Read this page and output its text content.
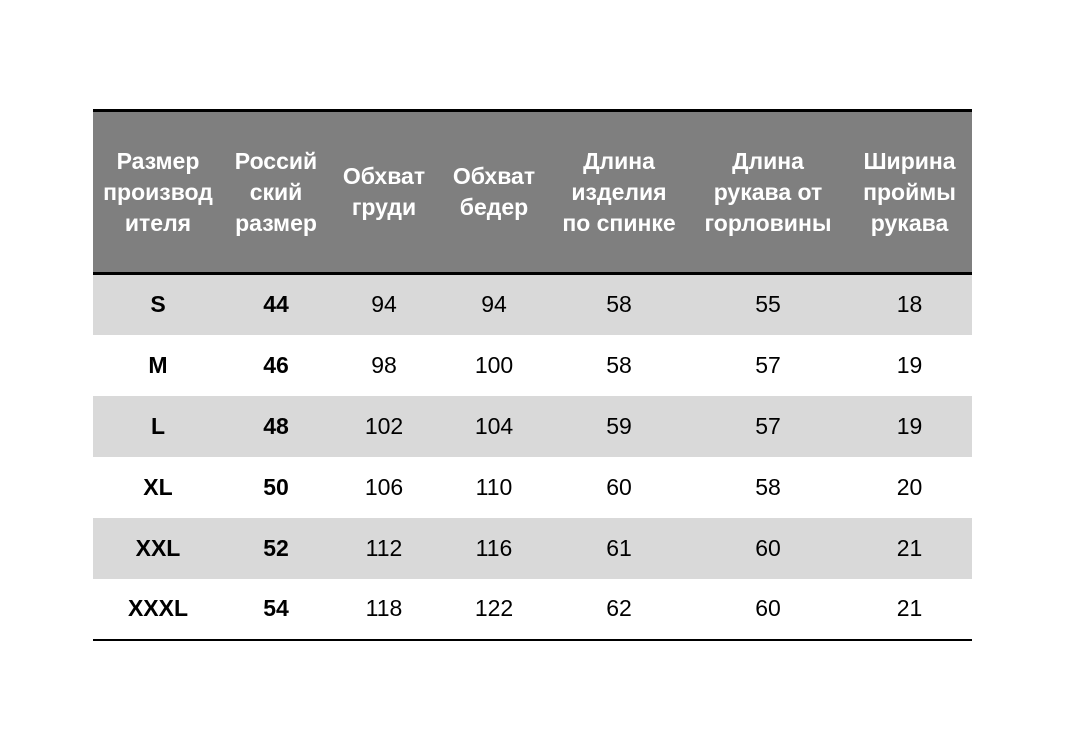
Размер
производ
ителя	Россий
ский
размер	Обхват
груди	Обхват
бедер	Длина
изделия
по спинке	Длина
рукава от
горловины	Ширина
проймы
рукава
S	44	94	94	58	55	18
M	46	98	100	58	57	19
L	48	102	104	59	57	19
XL	50	106	110	60	58	20
XXL	52	112	116	61	60	21
XXXL	54	118	122	62	60	21
